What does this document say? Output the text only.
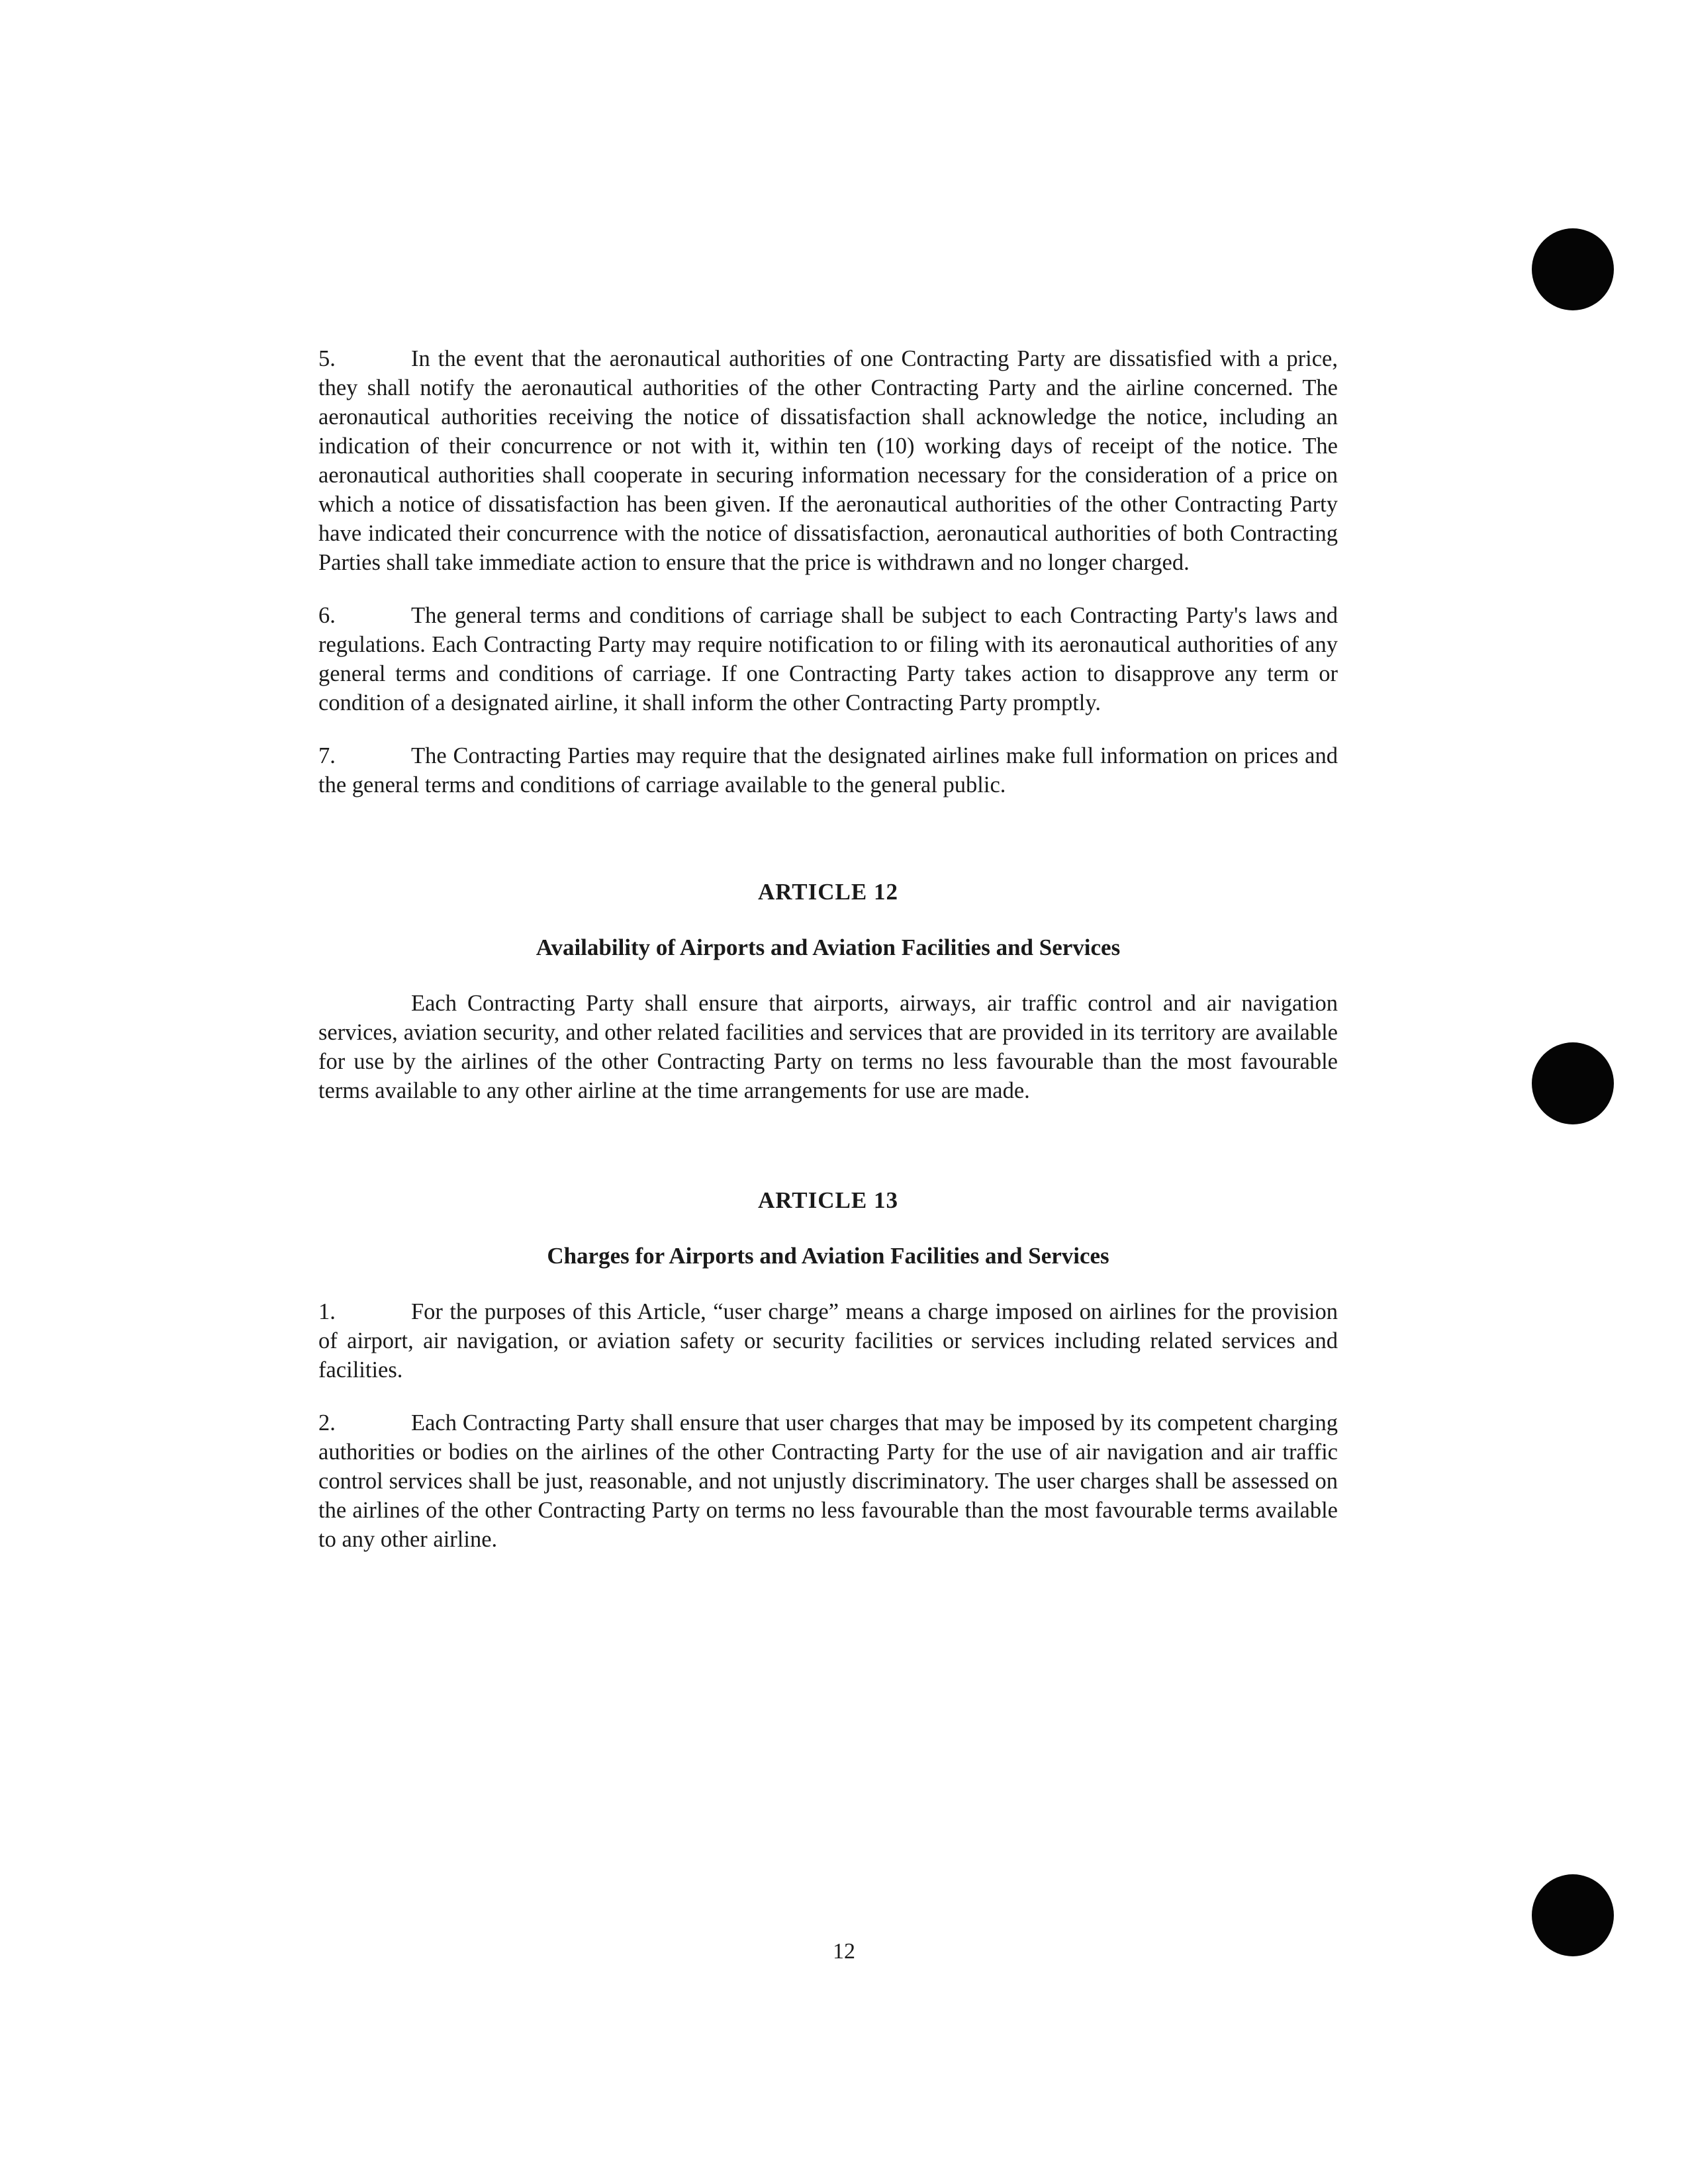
5.	In the event that the aeronautical authorities of one Contracting Party are dissatisfied with a price, they shall notify the aeronautical authorities of the other Contracting Party and the airline concerned. The aeronautical authorities receiving the notice of dissatisfaction shall acknowledge the notice, including an indication of their concurrence or not with it, within ten (10) working days of receipt of the notice. The aeronautical authorities shall cooperate in securing information necessary for the consideration of a price on which a notice of dissatisfaction has been given. If the aeronautical authorities of the other Contracting Party have indicated their concurrence with the notice of dissatisfaction, aeronautical authorities of both Contracting Parties shall take immediate action to ensure that the price is withdrawn and no longer charged.

6.	The general terms and conditions of carriage shall be subject to each Contracting Party's laws and regulations. Each Contracting Party may require notification to or filing with its aeronautical authorities of any general terms and conditions of carriage. If one Contracting Party takes action to disapprove any term or condition of a designated airline, it shall inform the other Contracting Party promptly.

7.	The Contracting Parties may require that the designated airlines make full information on prices and the general terms and conditions of carriage available to the general public.

ARTICLE 12
Availability of Airports and Aviation Facilities and Services

Each Contracting Party shall ensure that airports, airways, air traffic control and air navigation services, aviation security, and other related facilities and services that are provided in its territory are available for use by the airlines of the other Contracting Party on terms no less favourable than the most favourable terms available to any other airline at the time arrangements for use are made.

ARTICLE 13
Charges for Airports and Aviation Facilities and Services

1.	For the purposes of this Article, “user charge” means a charge imposed on airlines for the provision of airport, air navigation, or aviation safety or security facilities or services including related services and facilities.

2.	Each Contracting Party shall ensure that user charges that may be imposed by its competent charging authorities or bodies on the airlines of the other Contracting Party for the use of air navigation and air traffic control services shall be just, reasonable, and not unjustly discriminatory. The user charges shall be assessed on the airlines of the other Contracting Party on terms no less favourable than the most favourable terms available to any other airline.

12
